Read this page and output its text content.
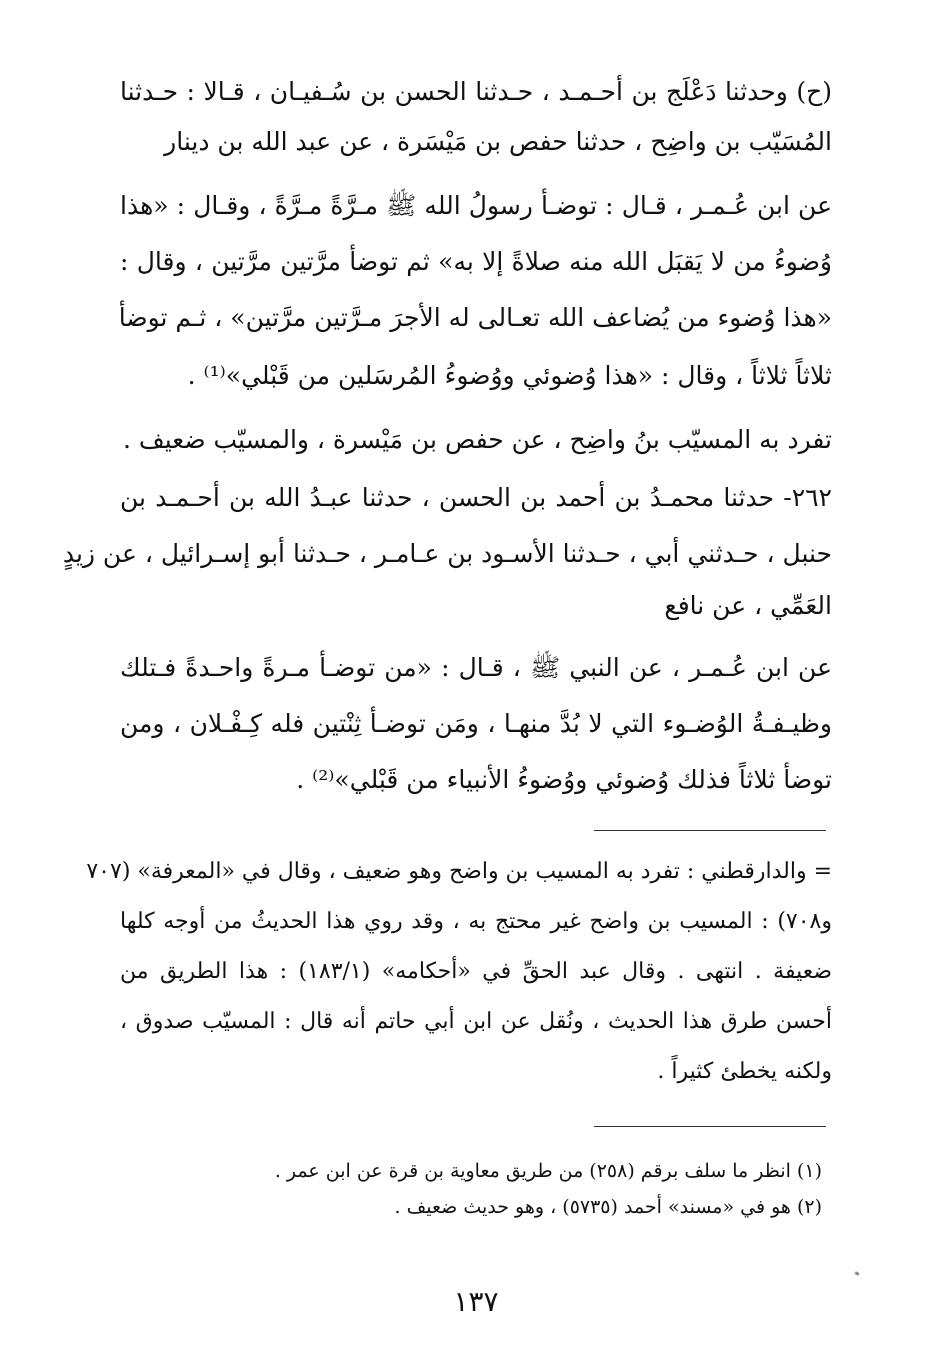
(ح) وحدثنا دَعْلَج بن أحـمـد ، حـدثنا الحسن بن سُـفيـان ، قـالا : حـدثنا
المُسَيّب بن واضِح ، حدثنا حفص بن مَيْسَرة ، عن عبد الله بن دينار
عن ابن عُـمـر ، قـال : توضـأ رسولُ الله ﷺ مـرَّةً مـرَّةً ، وقـال : «هذا
وُضوءُ من لا يَقبَل الله منه صلاةً إلا به» ثم توضأ مرَّتين مرَّتين ، وقال :
«هذا وُضوء من يُضاعف الله تعـالى له الأجرَ مـرَّتين مرَّتين» ، ثـم توضأ
ثلاثاً ثلاثاً ، وقال : «هذا وُضوئي ووُضوءُ المُرسَلين من قَبْلي»⁽¹⁾ .
تفرد به المسيّب بنُ واضِح ، عن حفص بن مَيْسرة ، والمسيّب ضعيف .
٢٦٢- حدثنا محمـدُ بن أحمد بن الحسن ، حدثنا عبـدُ الله بن أحـمـد بن
حنبل ، حـدثني أبي ، حـدثنا الأسـود بن عـامـر ، حـدثنا أبو إسـرائيل ، عن زيدٍ
العَمِّي ، عن نافع
عن ابن عُـمـر ، عن النبي ﷺ ، قـال : «من توضـأ مـرةً واحـدةً فـتلك
وظيـفـةُ الوُضـوء التي لا بُدَّ منهـا ، ومَن توضـأ ثِنْتين فله كِـفْـلان ، ومن
توضأ ثلاثاً فذلك وُضوئي ووُضوءُ الأنبياء من قَبْلي»⁽²⁾ .
= والدارقطني : تفرد به المسيب بن واضح وهو ضعيف ، وقال في «المعرفة» (٧٠٧
و٧٠٨) : المسيب بن واضح غير محتج به ، وقد روي هذا الحديثُ من أوجه كلها
ضعيفة . انتهى . وقال عبد الحقِّ في «أحكامه» (١٨٣/١) : هذا الطريق من
أحسن طرق هذا الحديث ، ونُقل عن ابن أبي حاتم أنه قال : المسيّب صدوق ،
ولكنه يخطئ كثيراً .
(١) انظر ما سلف برقم (٢٥٨) من طريق معاوية بن قرة عن ابن عمر .
(٢) هو في «مسند» أحمد (٥٧٣٥) ، وهو حديث ضعيف .
١٣٧
